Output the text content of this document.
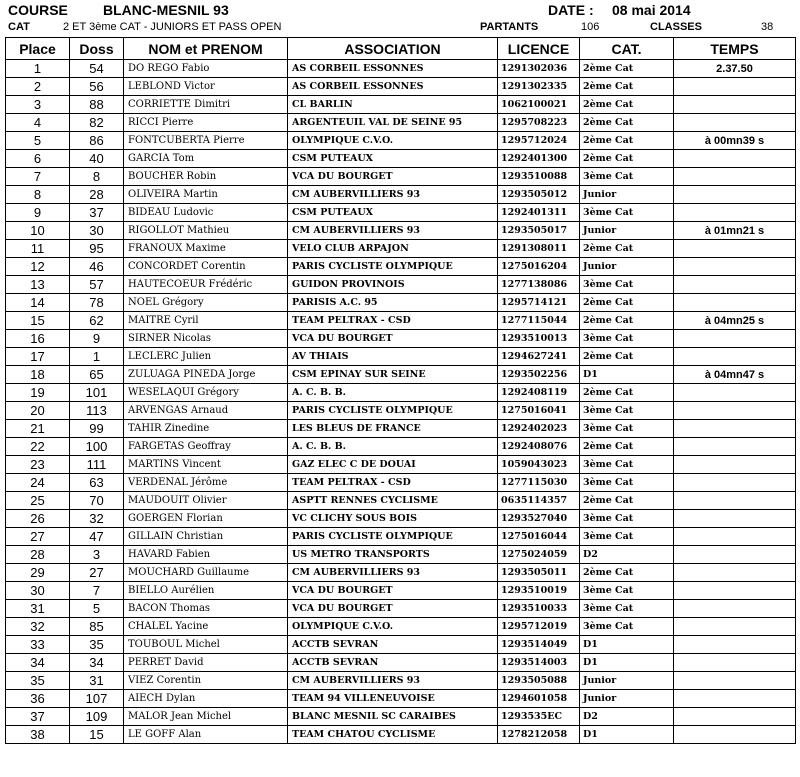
COURSE	BLANC-MESNIL 93	DATE : 08 mai 2014
CAT	2 ET 3ème CAT - JUNIORS ET PASS OPEN	PARTANTS	106	CLASSES	38
Place	Doss	NOM et PRENOM	ASSOCIATION	LICENCE	CAT.	TEMPS
1	54	DO REGO Fabio	AS CORBEIL ESSONNES	1291302036	2ème Cat	2.37.50
2	56	LEBLOND Victor	AS CORBEIL ESSONNES	1291302335	2ème Cat	
3	88	CORRIETTE Dimitri	CL BARLIN	1062100021	2ème Cat	
4	82	RICCI Pierre	ARGENTEUIL VAL DE SEINE 95	1295708223	2ème Cat	
5	86	FONTCUBERTA Pierre	OLYMPIQUE C.V.O.	1295712024	2ème Cat	à 00mn39 s
6	40	GARCIA Tom	CSM PUTEAUX	1292401300	2ème Cat	
7	8	BOUCHER Robin	VCA DU BOURGET	1293510088	3ème Cat	
8	28	OLIVEIRA Martin	CM AUBERVILLIERS 93	1293505012	Junior	
9	37	BIDEAU Ludovic	CSM PUTEAUX	1292401311	3ème Cat	
10	30	RIGOLLOT Mathieu	CM AUBERVILLIERS 93	1293505017	Junior	à 01mn21 s
11	95	FRANOUX Maxime	VELO CLUB ARPAJON	1291308011	2ème Cat	
12	46	CONCORDET Corentin	PARIS CYCLISTE OLYMPIQUE	1275016204	Junior	
13	57	HAUTECOEUR Frédéric	GUIDON PROVINOIS	1277138086	3ème Cat	
14	78	NOEL Grégory	PARISIS A.C. 95	1295714121	2ème Cat	
15	62	MAITRE Cyril	TEAM PELTRAX - CSD	1277115044	2ème Cat	à 04mn25 s
16	9	SIRNER Nicolas	VCA DU BOURGET	1293510013	3ème Cat	
17	1	LECLERC Julien	AV THIAIS	1294627241	2ème Cat	
18	65	ZULUAGA PINEDA Jorge	CSM EPINAY SUR SEINE	1293502256	D1	à 04mn47 s
19	101	WESELAQUI Grégory	A. C. B. B.	1292408119	2ème Cat	
20	113	ARVENGAS Arnaud	PARIS CYCLISTE OLYMPIQUE	1275016041	3ème Cat	
21	99	TAHIR Zinedine	LES BLEUS DE FRANCE	1292402023	3ème Cat	
22	100	FARGETAS Geoffray	A. C. B. B.	1292408076	2ème Cat	
23	111	MARTINS Vincent	GAZ ELEC C DE DOUAI	1059043023	3ème Cat	
24	63	VERDENAL Jérôme	TEAM PELTRAX - CSD	1277115030	3ème Cat	
25	70	MAUDOUIT Olivier	ASPTT RENNES CYCLISME	0635114357	2ème Cat	
26	32	GOERGEN Florian	VC CLICHY SOUS BOIS	1293527040	3ème Cat	
27	47	GILLAIN Christian	PARIS CYCLISTE OLYMPIQUE	1275016044	3ème Cat	
28	3	HAVARD Fabien	US METRO TRANSPORTS	1275024059	D2	
29	27	MOUCHARD Guillaume	CM AUBERVILLIERS 93	1293505011	2ème Cat	
30	7	BIELLO Aurélien	VCA DU BOURGET	1293510019	3ème Cat	
31	5	BACON Thomas	VCA DU BOURGET	1293510033	3ème Cat	
32	85	CHALEL Yacine	OLYMPIQUE C.V.O.	1295712019	3ème Cat	
33	35	TOUBOUL Michel	ACCTB SEVRAN	1293514049	D1	
34	34	PERRET David	ACCTB SEVRAN	1293514003	D1	
35	31	VIEZ Corentin	CM AUBERVILLIERS 93	1293505088	Junior	
36	107	AIECH Dylan	TEAM 94 VILLENEUVOISE	1294601058	Junior	
37	109	MALOR Jean Michel	BLANC MESNIL SC CARAIBES	1293535EC	D2	
38	15	LE GOFF Alan	TEAM CHATOU CYCLISME	1278212058	D1	
